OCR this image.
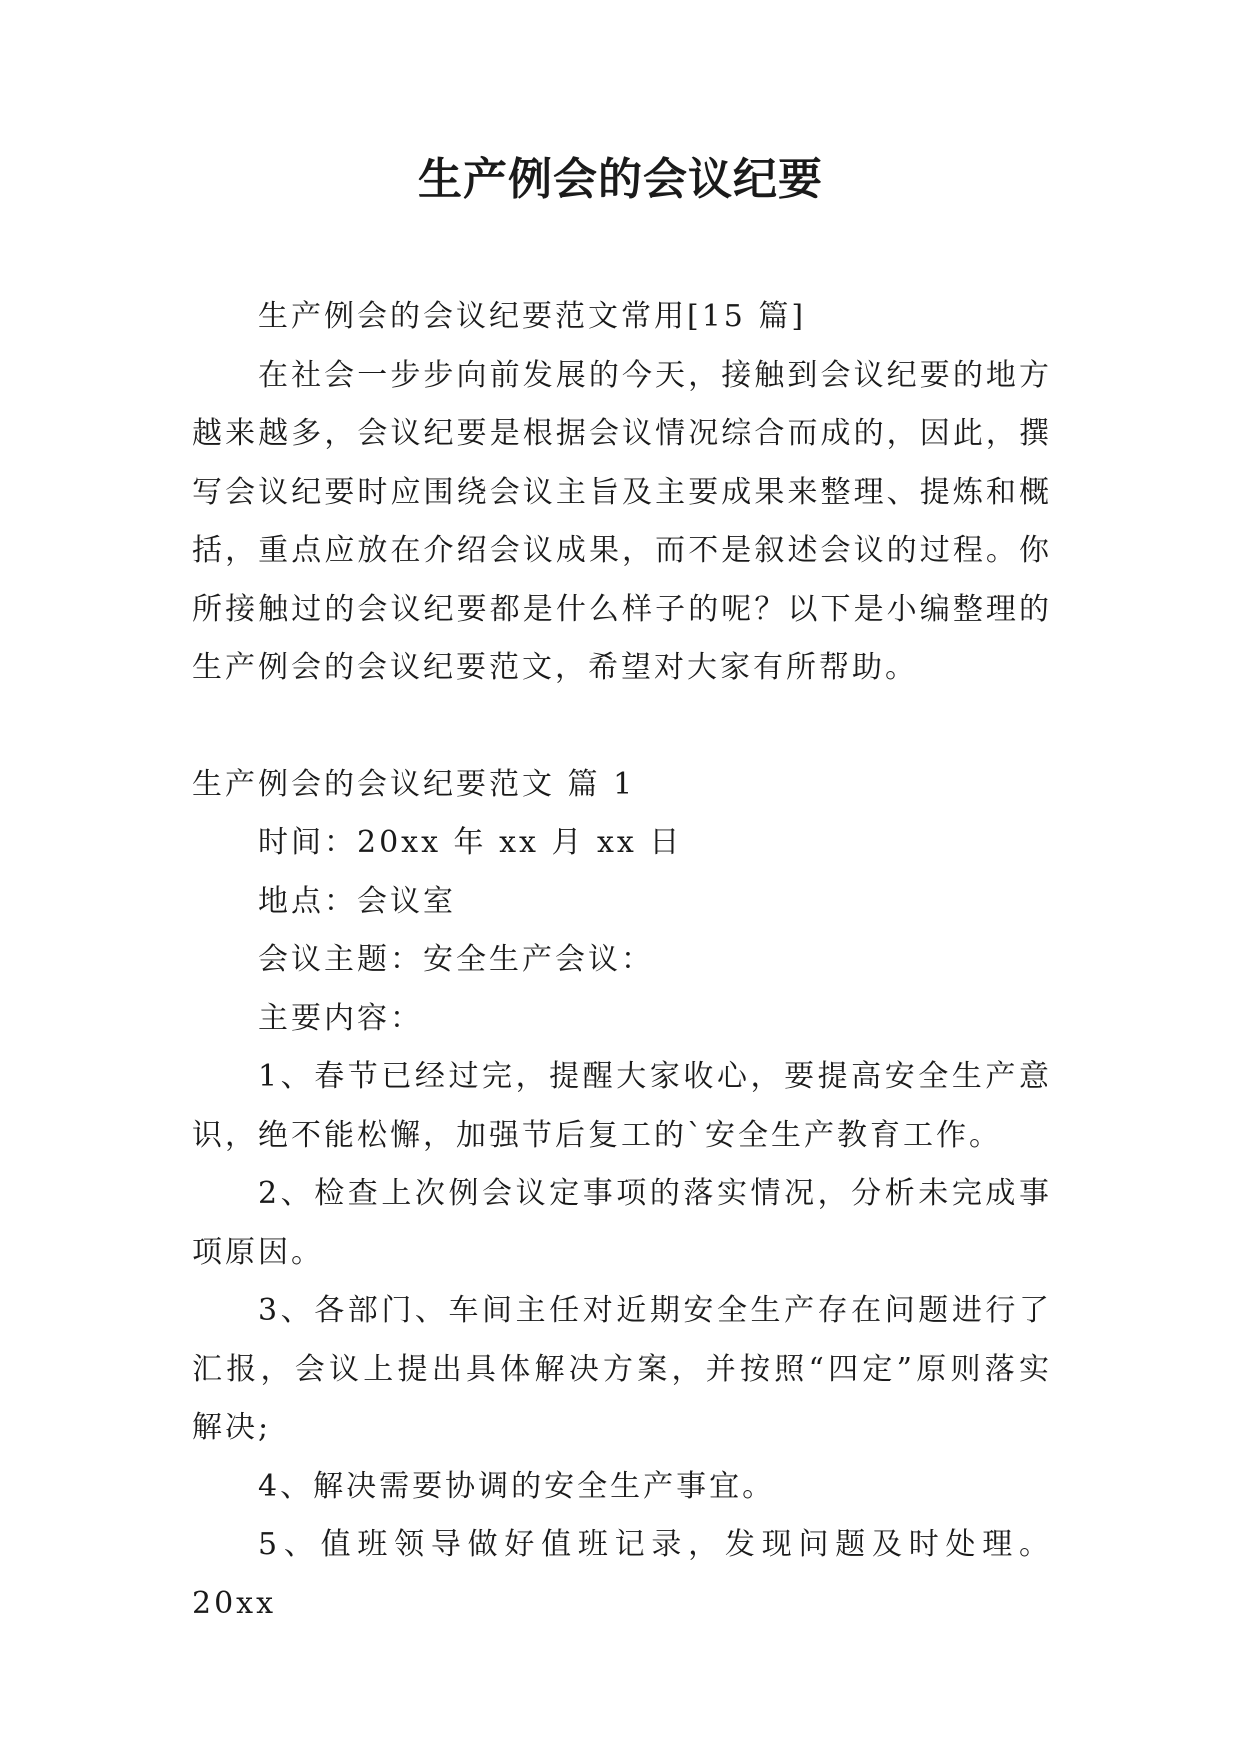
生产例会的会议纪要

生产例会的会议纪要范文常用[15 篇]

在社会一步步向前发展的今天，接触到会议纪要的地方越来越多，会议纪要是根据会议情况综合而成的，因此，撰写会议纪要时应围绕会议主旨及主要成果来整理、提炼和概括，重点应放在介绍会议成果，而不是叙述会议的过程。你所接触过的会议纪要都是什么样子的呢？以下是小编整理的生产例会的会议纪要范文，希望对大家有所帮助。

生产例会的会议纪要范文 篇 1

时间：20xx 年 xx 月 xx 日

地点：会议室

会议主题：安全生产会议：

主要内容：

1、春节已经过完，提醒大家收心，要提高安全生产意识，绝不能松懈，加强节后复工的`安全生产教育工作。

2、检查上次例会议定事项的落实情况，分析未完成事项原因。

3、各部门、车间主任对近期安全生产存在问题进行了汇报，会议上提出具体解决方案，并按照“四定”原则落实解决;

4、解决需要协调的安全生产事宜。

5、值班领导做好值班记录，发现问题及时处理。 20xx
